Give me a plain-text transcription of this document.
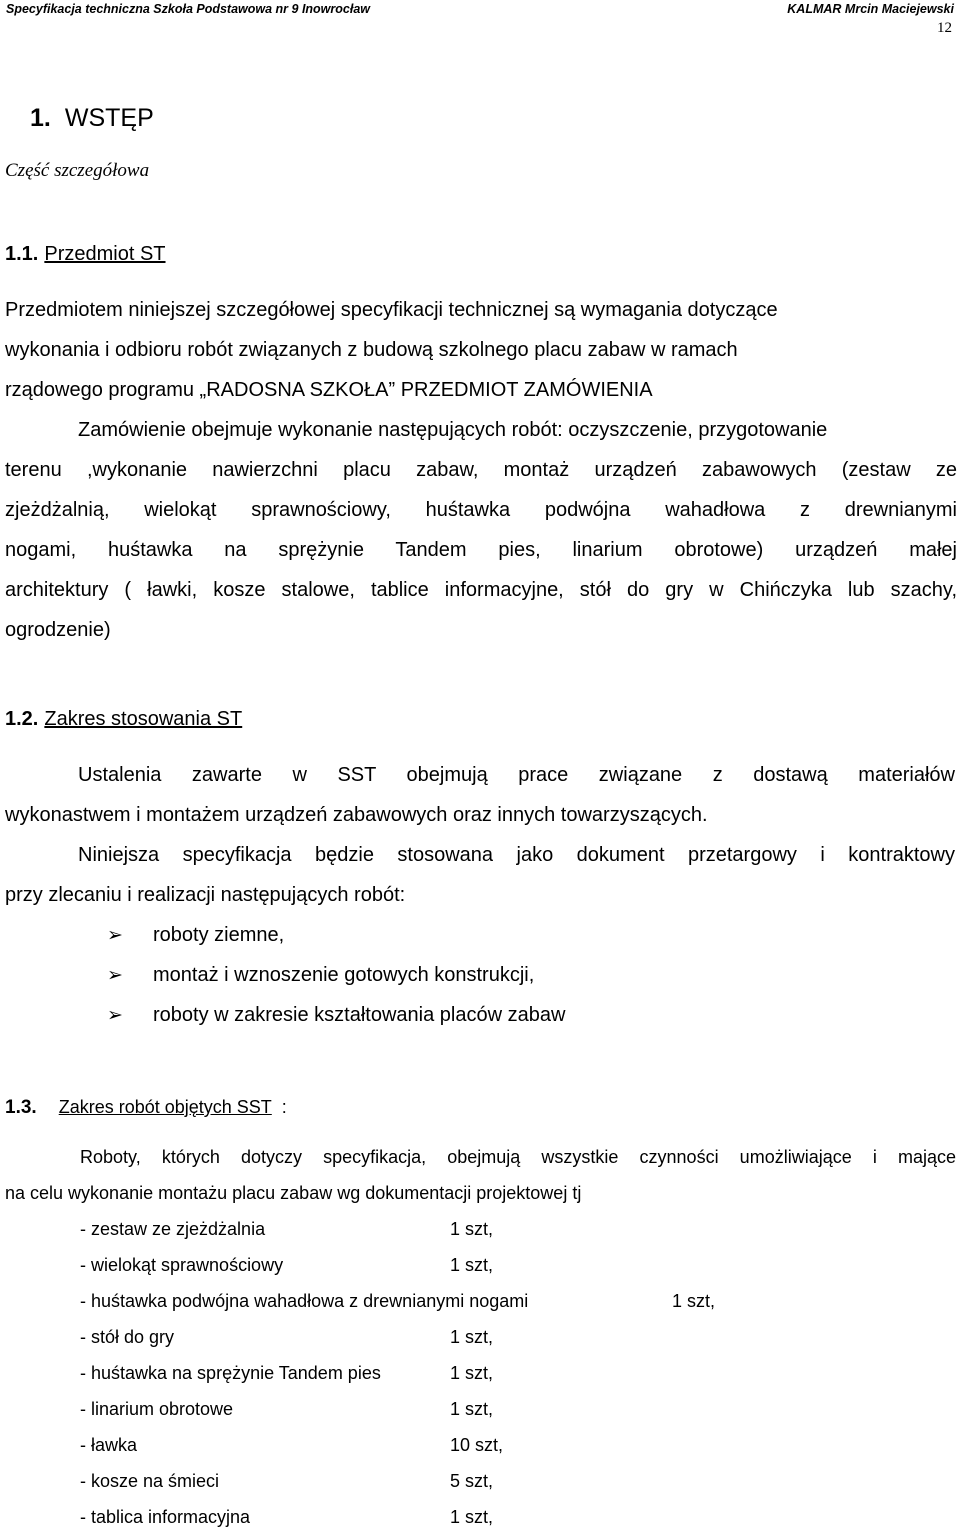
Specyfikacja techniczna Szkoła Podstawowa nr 9 Inowrocław	KALMAR Mrcin Maciejewski
12
1. WSTĘP
Część szczegółowa
1.1. Przedmiot ST
Przedmiotem niniejszej szczegółowej specyfikacji technicznej są wymagania dotyczące
wykonania i odbioru robót związanych z budową szkolnego placu zabaw w ramach
rządowego programu „RADOSNA SZKOŁA” PRZEDMIOT ZAMÓWIENIA
Zamówienie obejmuje wykonanie następujących robót: oczyszczenie, przygotowanie
terenu ,wykonanie nawierzchni placu zabaw, montaż urządzeń zabawowych (zestaw ze
zjeżdżalnią, wielokąt sprawnościowy, huśtawka podwójna wahadłowa z drewnianymi
nogami, huśtawka na sprężynie Tandem pies, linarium obrotowe) urządzeń małej
architektury ( ławki, kosze stalowe, tablice informacyjne, stół do gry w Chińczyka lub szachy,
ogrodzenie)
1.2. Zakres stosowania ST
Ustalenia zawarte w SST obejmują prace związane z dostawą materiałów
wykonastwem i montażem urządzeń zabawowych oraz innych towarzyszących.
Niniejsza specyfikacja będzie stosowana jako dokument przetargowy i kontraktowy
przy zlecaniu i realizacji następujących robót:
➢ roboty ziemne,
➢ montaż i wznoszenie gotowych konstrukcji,
➢ roboty w zakresie kształtowania placów zabaw
1.3. Zakres robót objętych SST :
Roboty, których dotyczy specyfikacja, obejmują wszystkie czynności umożliwiające i mające
na celu wykonanie montażu placu zabaw wg dokumentacji projektowej tj
- zestaw ze zjeżdżalnia	1 szt,
- wielokąt sprawnościowy	1 szt,
- huśtawka podwójna wahadłowa z drewnianymi nogami	1 szt,
- stół do gry	1 szt,
- huśtawka na sprężynie Tandem pies	1 szt,
- linarium obrotowe	1 szt,
- ławka	10 szt,
- kosze na śmieci	5 szt,
- tablica informacyjna	1 szt,
